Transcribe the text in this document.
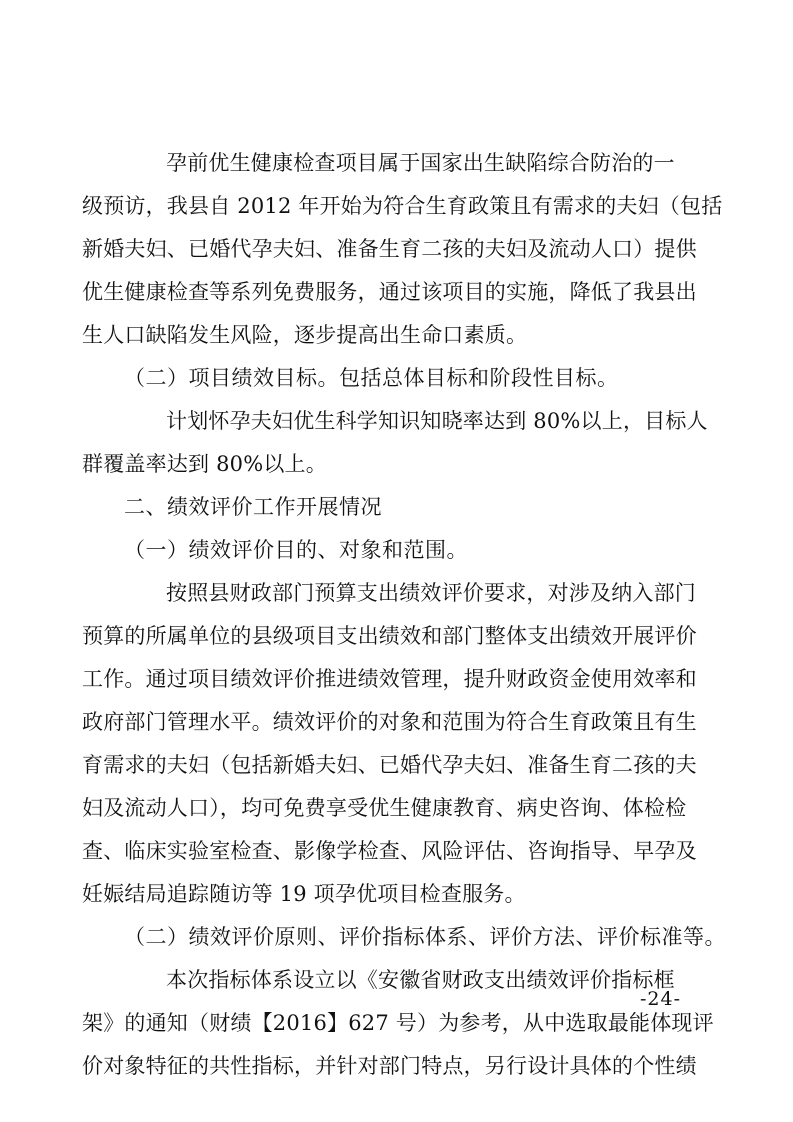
孕前优生健康检查项目属于国家出生缺陷综合防治的一
级预访，我县自 2012 年开始为符合生育政策且有需求的夫妇（包括
新婚夫妇、已婚代孕夫妇、准备生育二孩的夫妇及流动人口）提供
优生健康检查等系列免费服务，通过该项目的实施，降低了我县出
生人口缺陷发生风险，逐步提高出生命口素质。
（二）项目绩效目标。包括总体目标和阶段性目标。
计划怀孕夫妇优生科学知识知晓率达到 80%以上，目标人
群覆盖率达到 80%以上。
二、绩效评价工作开展情况
（一）绩效评价目的、对象和范围。
按照县财政部门预算支出绩效评价要求，对涉及纳入部门
预算的所属单位的县级项目支出绩效和部门整体支出绩效开展评价
工作。通过项目绩效评价推进绩效管理，提升财政资金使用效率和
政府部门管理水平。绩效评价的对象和范围为符合生育政策且有生
育需求的夫妇（包括新婚夫妇、已婚代孕夫妇、准备生育二孩的夫
妇及流动人口），均可免费享受优生健康教育、病史咨询、体检检
查、临床实验室检查、影像学检查、风险评估、咨询指导、早孕及
妊娠结局追踪随访等 19 项孕优项目检查服务。
（二）绩效评价原则、评价指标体系、评价方法、评价标准等。
本次指标体系设立以《安徽省财政支出绩效评价指标框
架》的通知（财绩【2016】627 号）为参考，从中选取最能体现评
价对象特征的共性指标，并针对部门特点，另行设计具体的个性绩
-24-
